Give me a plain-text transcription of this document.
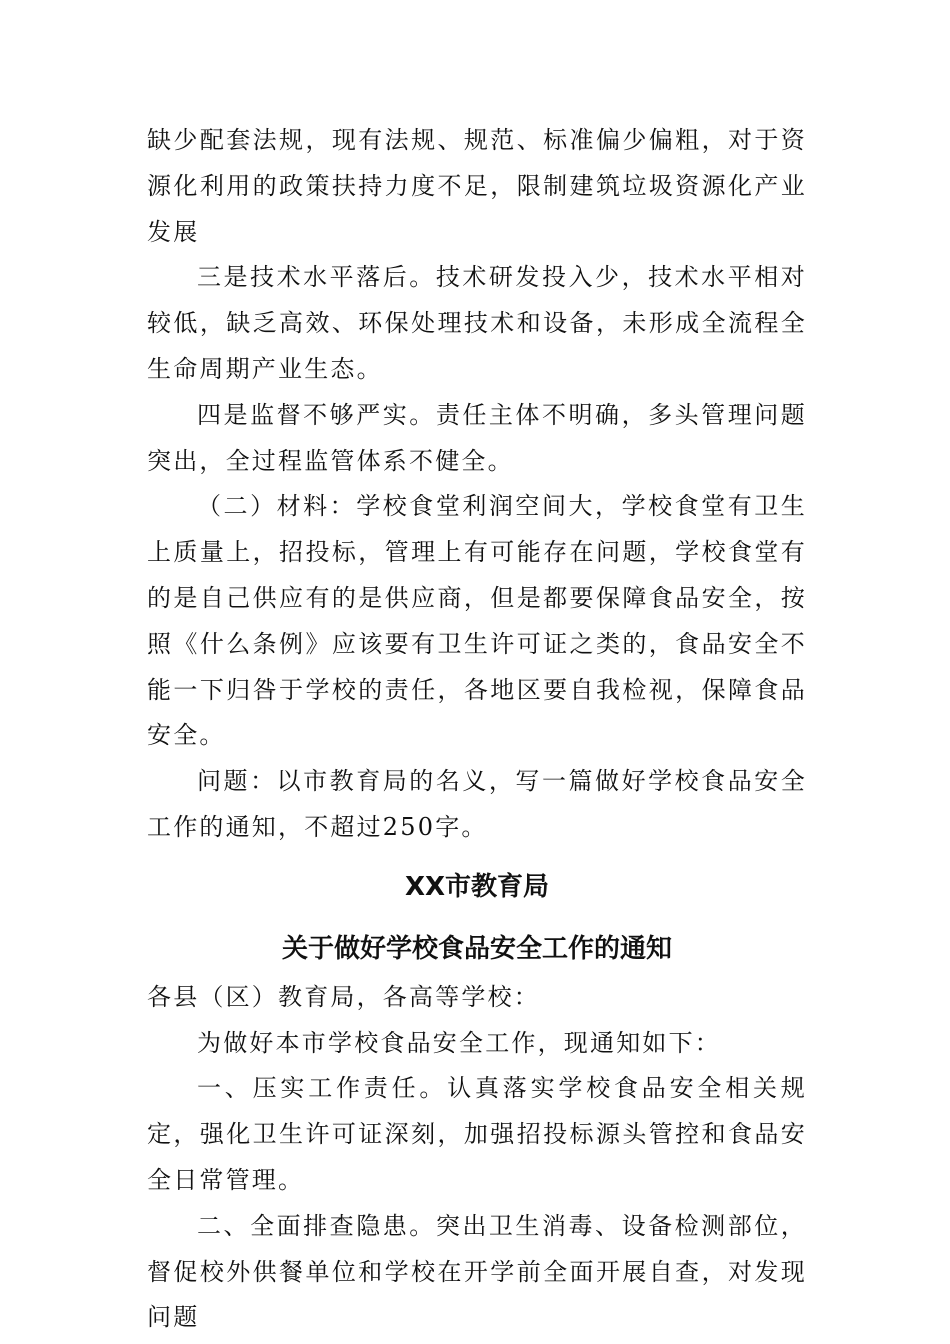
缺少配套法规，现有法规、规范、标准偏少偏粗，对于资源化利用的政策扶持力度不足，限制建筑垃圾资源化产业发展

三是技术水平落后。技术研发投入少，技术水平相对较低，缺乏高效、环保处理技术和设备，未形成全流程全生命周期产业生态。

四是监督不够严实。责任主体不明确，多头管理问题突出，全过程监管体系不健全。

（二）材料：学校食堂利润空间大，学校食堂有卫生上质量上，招投标，管理上有可能存在问题，学校食堂有的是自己供应有的是供应商，但是都要保障食品安全，按照《什么条例》应该要有卫生许可证之类的，食品安全不能一下归咎于学校的责任，各地区要自我检视，保障食品安全。

问题：以市教育局的名义，写一篇做好学校食品安全工作的通知，不超过250字。

XX市教育局
关于做好学校食品安全工作的通知

各县（区）教育局，各高等学校：

为做好本市学校食品安全工作，现通知如下：

一、压实工作责任。认真落实学校食品安全相关规定，强化卫生许可证深刻，加强招投标源头管控和食品安全日常管理。

二、全面排查隐患。突出卫生消毒、设备检测部位，督促校外供餐单位和学校在开学前全面开展自查，对发现问题
